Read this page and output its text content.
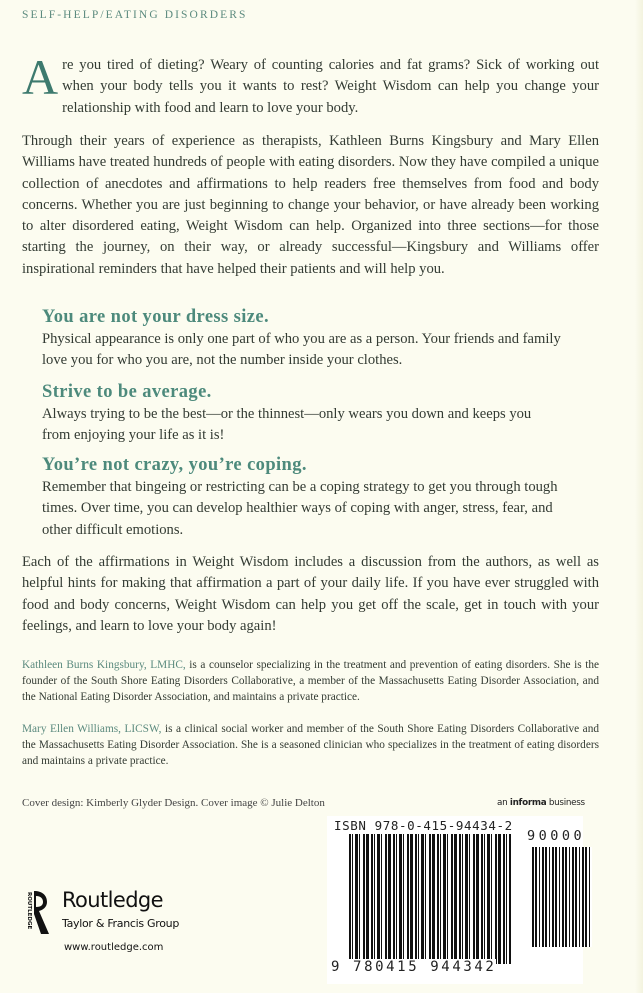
SELF-HELP/EATING DISORDERS
A re you tired of dieting? Weary of counting calories and fat grams? Sick of working out when your body tells you it wants to rest? Weight Wisdom can help you change your relationship with food and learn to love your body.
Through their years of experience as therapists, Kathleen Burns Kingsbury and Mary Ellen Williams have treated hundreds of people with eating disorders. Now they have compiled a unique collection of anecdotes and affirmations to help readers free themselves from food and body concerns. Whether you are just beginning to change your behavior, or have already been working to alter disordered eating, Weight Wisdom can help. Organized into three sections—for those starting the journey, on their way, or already successful—Kingsbury and Williams offer inspirational reminders that have helped their patients and will help you.
You are not your dress size.
Physical appearance is only one part of who you are as a person. Your friends and family love you for who you are, not the number inside your clothes.
Strive to be average.
Always trying to be the best—or the thinnest—only wears you down and keeps you from enjoying your life as it is!
You’re not crazy, you’re coping.
Remember that bingeing or restricting can be a coping strategy to get you through tough times. Over time, you can develop healthier ways of coping with anger, stress, fear, and other difficult emotions.
Each of the affirmations in Weight Wisdom includes a discussion from the authors, as well as helpful hints for making that affirmation a part of your daily life. If you have ever struggled with food and body concerns, Weight Wisdom can help you get off the scale, get in touch with your feelings, and learn to love your body again!
Kathleen Burns Kingsbury, LMHC, is a counselor specializing in the treatment and prevention of eating disorders. She is the founder of the South Shore Eating Disorders Collaborative, a member of the Massachusetts Eating Disorder Association, and the National Eating Disorder Association, and maintains a private practice.
Mary Ellen Williams, LICSW, is a clinical social worker and member of the South Shore Eating Disorders Collaborative and the Massachusetts Eating Disorder Association. She is a seasoned clinician who specializes in the treatment of eating disorders and maintains a private practice.
Cover design: Kimberly Glyder Design. Cover image © Julie Delton	an informa business
ISBN 978-0-415-94434-2
90000
9 780415 944342
ROUTLEDGE Routledge
Taylor & Francis Group
www.routledge.com
